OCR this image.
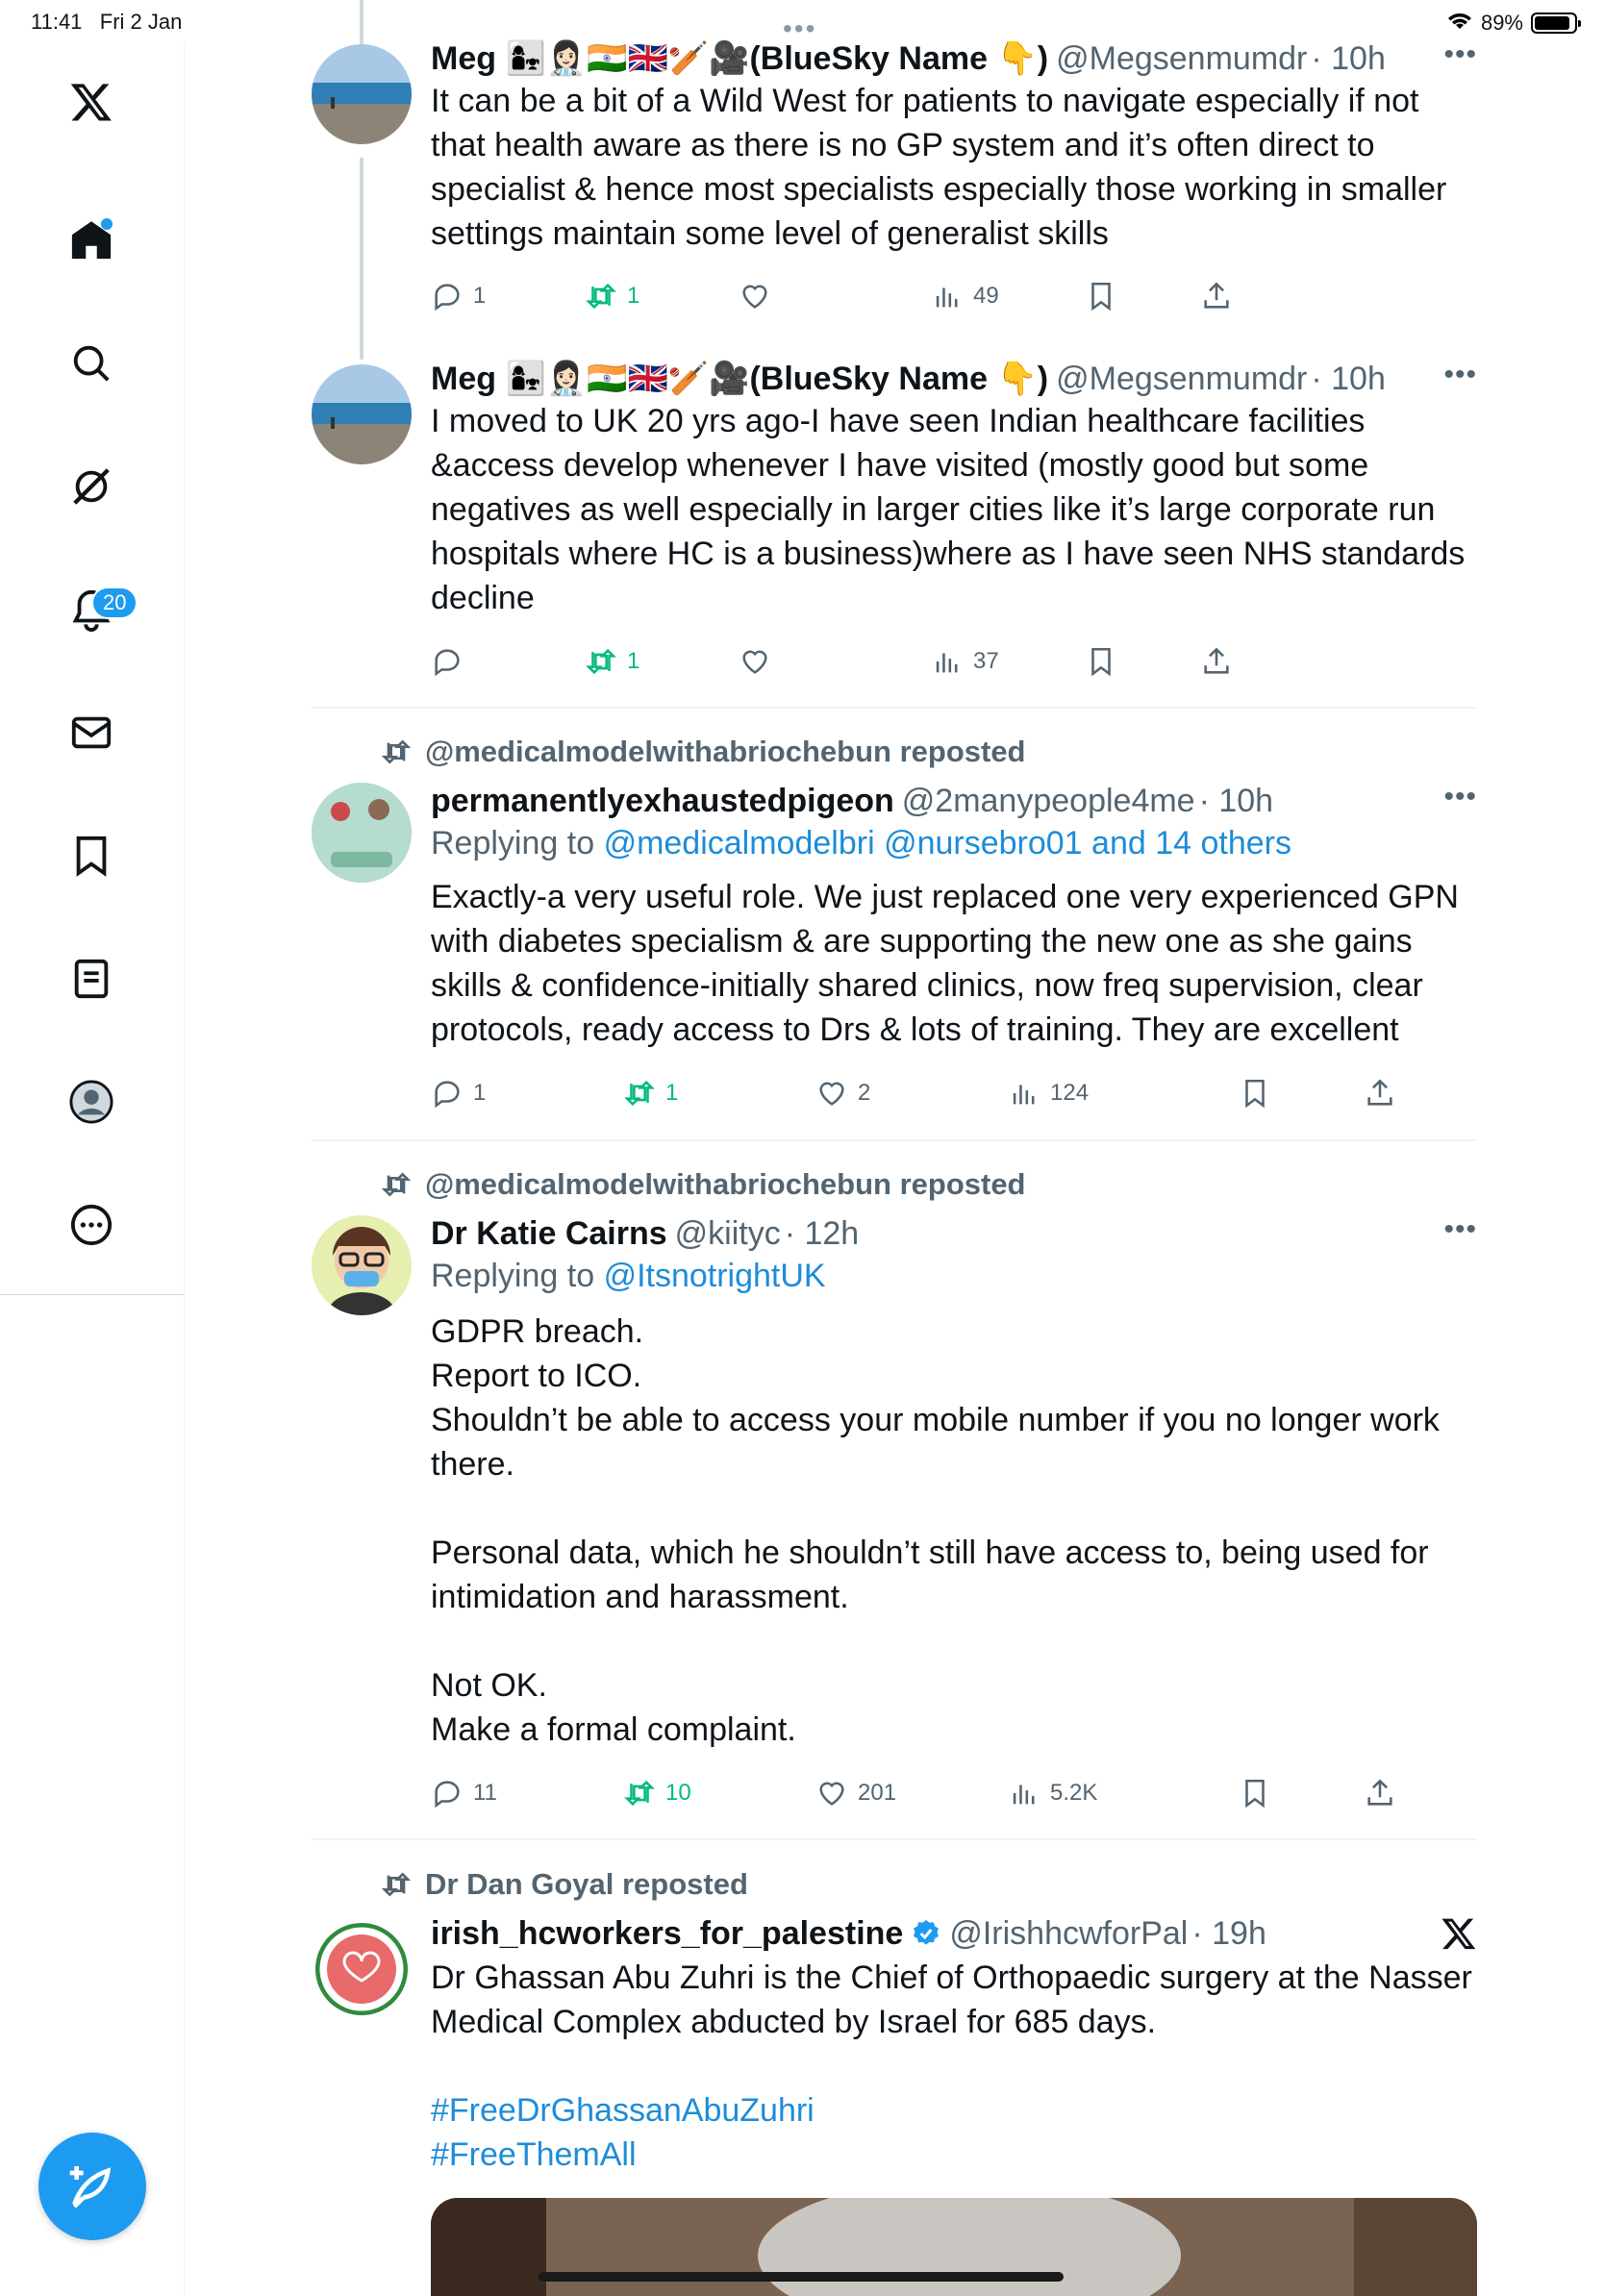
11:41 Fri 2 Jan	89%
•••
20
Meg 👩‍👧👩🏻‍⚕️🇮🇳🇬🇧🏏🎥(BlueSky Name 👇) @Megsenmumdr · 10h •••
It can be a bit of a Wild West for patients to navigate especially if not
that health aware as there is no GP system and it’s often direct to
specialist & hence most specialists especially those working in smaller
settings maintain some level of generalist skills
1	1	49
Meg 👩‍👧👩🏻‍⚕️🇮🇳🇬🇧🏏🎥(BlueSky Name 👇) @Megsenmumdr · 10h •••
I moved to UK 20 yrs ago-I have seen Indian healthcare facilities
&access develop whenever I have visited (mostly good but some
negatives as well especially in larger cities like it’s large corporate run
hospitals where HC is a business)where as I have seen NHS standards
decline
1	37
@medicalmodelwithabriochebun reposted
permanentlyexhaustedpigeon @2manypeople4me · 10h	•••
Replying to @medicalmodelbri @nursebro01 and 14 others
Exactly-a very useful role. We just replaced one very experienced GPN
with diabetes specialism & are supporting the new one as she gains
skills & confidence-initially shared clinics, now freq supervision, clear
protocols, ready access to Drs & lots of training. They are excellent
1	1	2	124
@medicalmodelwithabriochebun reposted
Dr Katie Cairns @kiityc · 12h	•••
Replying to @ItsnotrightUK
GDPR breach.
Report to ICO.
Shouldn’t be able to access your mobile number if you no longer work
there.
Personal data, which he shouldn’t still have access to, being used for
intimidation and harassment.
Not OK.
Make a formal complaint.
11	10	201	5.2K
Dr Dan Goyal reposted
irish_hcworkers_for_palestine @IrishhcwforPal · 19h
Dr Ghassan Abu Zuhri is the Chief of Orthopaedic surgery at the Nasser
Medical Complex abducted by Israel for 685 days.
#FreeDrGhassanAbuZuhri
#FreeThemAll
